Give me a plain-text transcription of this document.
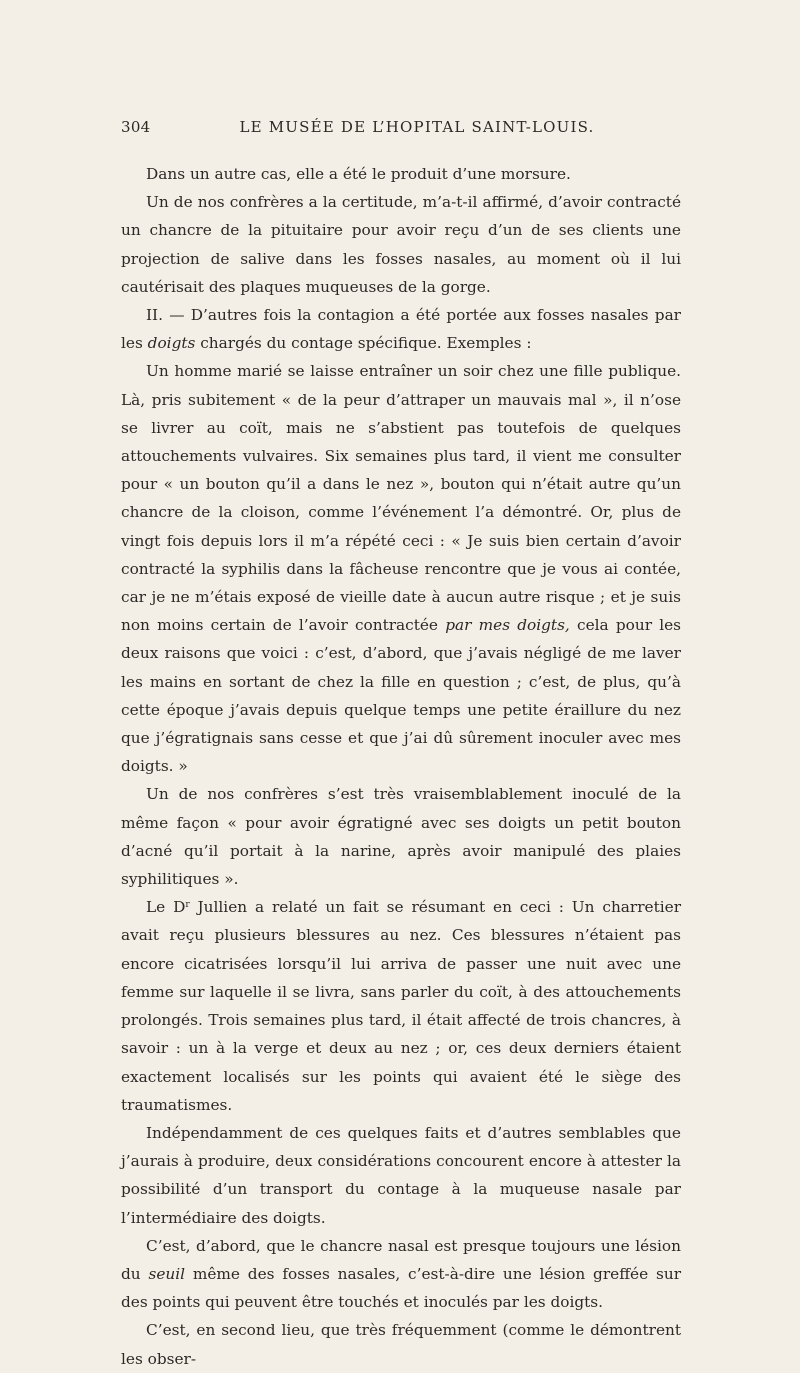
304	LE MUSÉE DE L’HOPITAL SAINT-LOUIS.

Dans un autre cas, elle a été le produit d’une morsure.

Un de nos confrères a la certitude, m’a-t-il affirmé, d’avoir contracté un chancre de la pituitaire pour avoir reçu d’un de ses clients une projection de salive dans les fosses nasales, au moment où il lui cautérisait des plaques muqueuses de la gorge.

II. — D’autres fois la contagion a été portée aux fosses nasales par les doigts chargés du contage spécifique. Exemples :

Un homme marié se laisse entraîner un soir chez une fille publique. Là, pris subitement « de la peur d’attraper un mauvais mal », il n’ose se livrer au coït, mais ne s’abstient pas toutefois de quelques attouchements vulvaires. Six semaines plus tard, il vient me consulter pour « un bouton qu’il a dans le nez », bouton qui n’était autre qu’un chancre de la cloison, comme l’événement l’a démontré. Or, plus de vingt fois depuis lors il m’a répété ceci : « Je suis bien certain d’avoir contracté la syphilis dans la fâcheuse rencontre que je vous ai contée, car je ne m’étais exposé de vieille date à aucun autre risque ; et je suis non moins certain de l’avoir contractée par mes doigts, cela pour les deux raisons que voici : c’est, d’abord, que j’avais négligé de me laver les mains en sortant de chez la fille en question ; c’est, de plus, qu’à cette époque j’avais depuis quelque temps une petite éraillure du nez que j’égratignais sans cesse et que j’ai dû sûrement inoculer avec mes doigts. »

Un de nos confrères s’est très vraisemblablement inoculé de la même façon « pour avoir égratigné avec ses doigts un petit bouton d’acné qu’il portait à la narine, après avoir manipulé des plaies syphilitiques ».

Le $D^r$ Jullien a relaté un fait se résumant en ceci : Un charretier avait reçu plusieurs blessures au nez. Ces blessures n’étaient pas encore cicatrisées lorsqu’il lui arriva de passer une nuit avec une femme sur laquelle il se livra, sans parler du coït, à des attouchements prolongés. Trois semaines plus tard, il était affecté de trois chancres, à savoir : un à la verge et deux au nez ; or, ces deux derniers étaient exactement localisés sur les points qui avaient été le siège des traumatismes.

Indépendamment de ces quelques faits et d’autres semblables que j’aurais à produire, deux considérations concourent encore à attester la possibilité d’un transport du contage à la muqueuse nasale par l’intermédiaire des doigts.

C’est, d’abord, que le chancre nasal est presque toujours une lésion du seuil même des fosses nasales, c’est-à-dire une lésion greffée sur des points qui peuvent être touchés et inoculés par les doigts.

C’est, en second lieu, que très fréquemment (comme le démontrent les obser-
